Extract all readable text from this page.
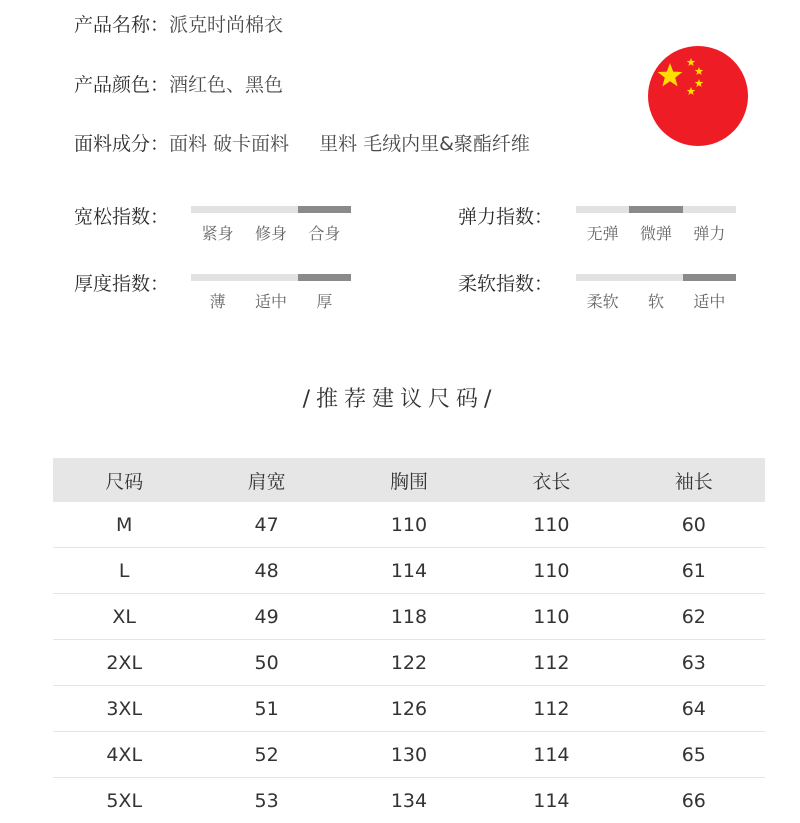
产品名称：派克时尚棉衣
产品颜色：酒红色、黑色
面料成分：面料 破卡面料 里料 毛绒内里&聚酯纤维
宽松指数：
紧身	修身	合身
弹力指数：
无弹	微弹	弹力
厚度指数：
薄	适中	厚
柔软指数：
柔软	软	适中
/推荐建议尺码/
尺码	肩宽	胸围	衣长	袖长
M	47	110	110	60
L	48	114	110	61
XL	49	118	110	62
2XL	50	122	112	63
3XL	51	126	112	64
4XL	52	130	114	65
5XL	53	134	114	66
